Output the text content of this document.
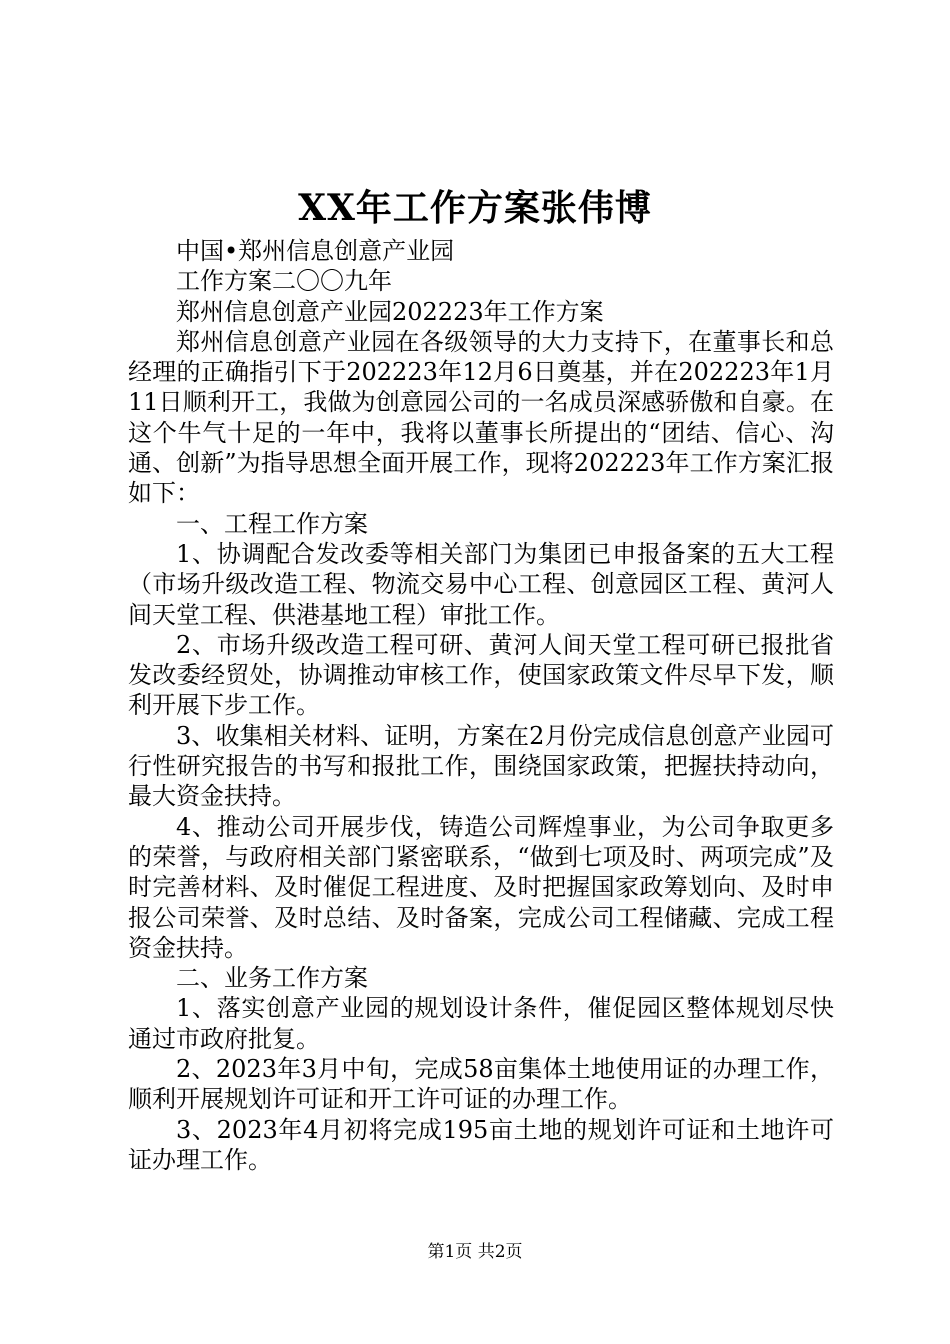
XX年工作方案张伟博

中国•郑州信息创意产业园

工作方案二〇〇九年

郑州信息创意产业园202223年工作方案

郑州信息创意产业园在各级领导的大力支持下，在董事长和总经理的正确指引下于202223年12月6日奠基，并在202223年1月11日顺利开工，我做为创意园公司的一名成员深感骄傲和自豪。在这个牛气十足的一年中，我将以董事长所提出的“团结、信心、沟通、创新”为指导思想全面开展工作，现将202223年工作方案汇报如下：

一、工程工作方案

1、协调配合发改委等相关部门为集团已申报备案的五大工程（市场升级改造工程、物流交易中心工程、创意园区工程、黄河人间天堂工程、供港基地工程）审批工作。

2、市场升级改造工程可研、黄河人间天堂工程可研已报批省发改委经贸处，协调推动审核工作，使国家政策文件尽早下发，顺利开展下步工作。

3、收集相关材料、证明，方案在2月份完成信息创意产业园可行性研究报告的书写和报批工作，围绕国家政策，把握扶持动向，最大资金扶持。

4、推动公司开展步伐，铸造公司辉煌事业，为公司争取更多的荣誉，与政府相关部门紧密联系，“做到七项及时、两项完成”及时完善材料、及时催促工程进度、及时把握国家政筹划向、及时申报公司荣誉、及时总结、及时备案，完成公司工程储藏、完成工程资金扶持。

二、业务工作方案

1、落实创意产业园的规划设计条件，催促园区整体规划尽快通过市政府批复。

2、2023年3月中旬，完成58亩集体土地使用证的办理工作，顺利开展规划许可证和开工许可证的办理工作。

3、2023年4月初将完成195亩土地的规划许可证和土地许可证办理工作。

第1页 共2页
